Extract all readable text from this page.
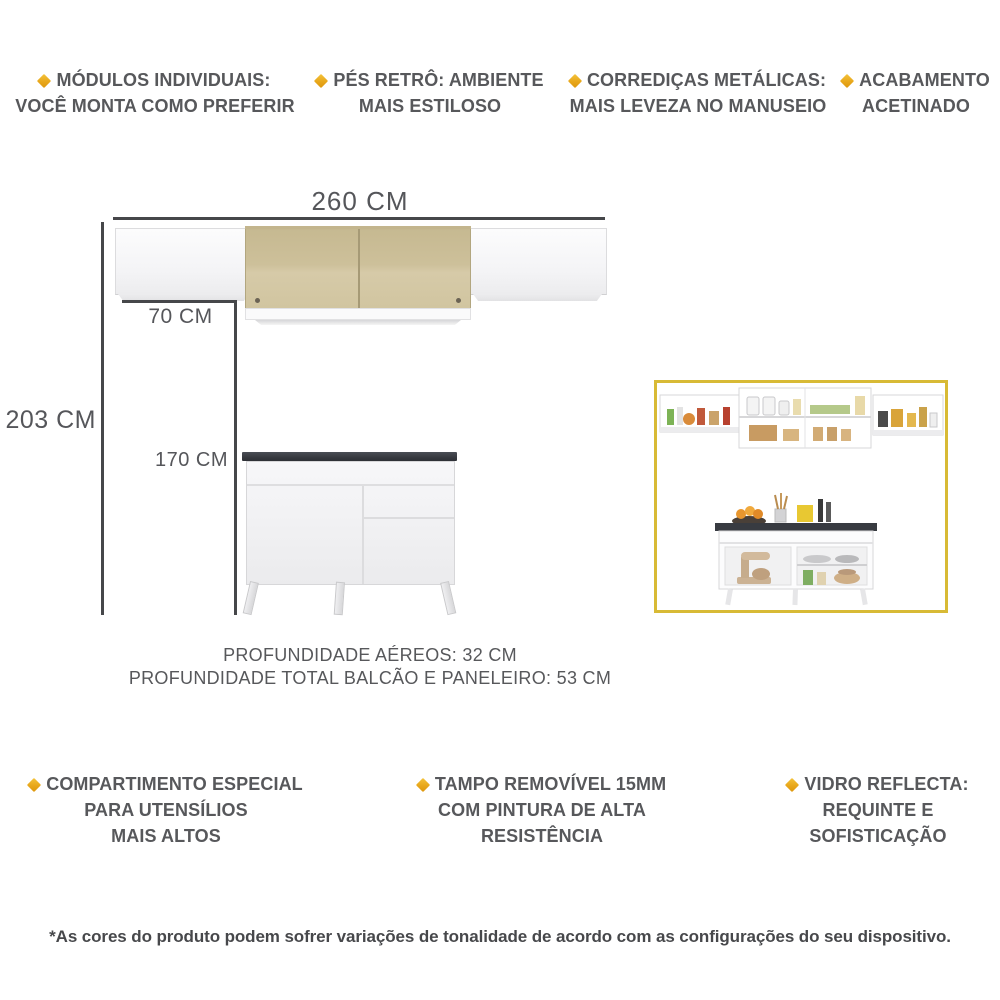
MÓDULOS INDIVIDUAIS:
VOCÊ MONTA COMO PREFERIR
PÉS RETRÔ: AMBIENTE
MAIS ESTILOSO
CORREDIÇAS METÁLICAS:
MAIS LEVEZA NO MANUSEIO
ACABAMENTO
ACETINADO
260 CM
203 CM
70 CM
170 CM
PROFUNDIDADE AÉREOS: 32 CM
PROFUNDIDADE TOTAL BALCÃO E PANELEIRO: 53 CM
COMPARTIMENTO ESPECIAL
PARA UTENSÍLIOS
MAIS ALTOS
TAMPO REMOVÍVEL 15MM
COM PINTURA DE ALTA
RESISTÊNCIA
VIDRO REFLECTA:
REQUINTE E
SOFISTICAÇÃO
*As cores do produto podem sofrer variações de tonalidade de acordo com as configurações do seu dispositivo.
